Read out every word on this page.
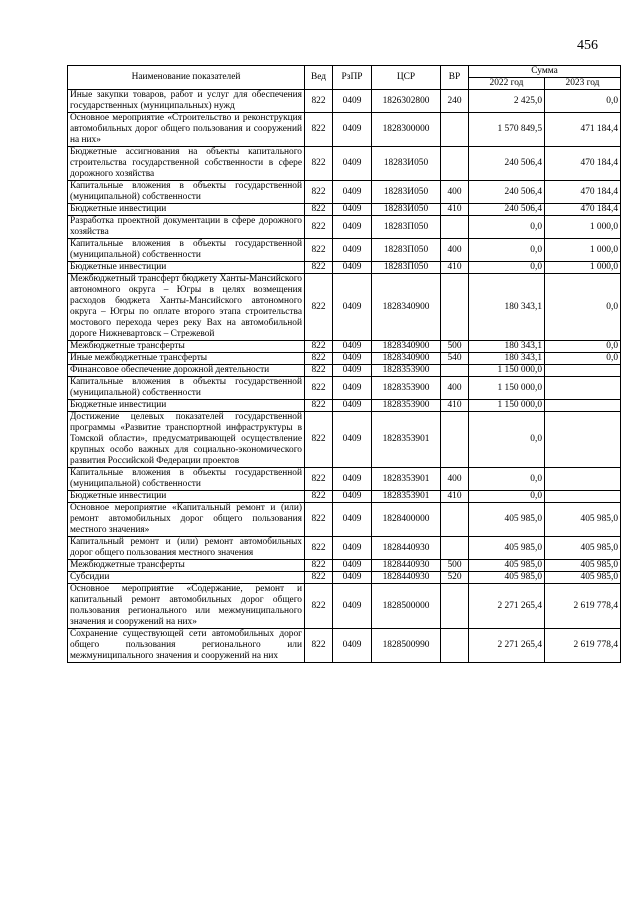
456
Наименование показателей	Вед	РзПР	ЦСР	ВР	Сумма	
					2022 год	2023 год
Иные закупки товаров, работ и услуг для обеспечения государственных (муниципальных) нужд	822	0409	1826302800	240	2 425,0	0,0
Основное мероприятие «Строительство и реконструкция автомобильных дорог общего пользования и сооружений на них»	822	0409	1828300000		1 570 849,5	471 184,4
Бюджетные ассигнования на объекты капитального строительства государственной собственности в сфере дорожного хозяйства	822	0409	18283И050		240 506,4	470 184,4
Капитальные вложения в объекты государственной (муниципальной) собственности	822	0409	18283И050	400	240 506,4	470 184,4
Бюджетные инвестиции	822	0409	18283И050	410	240 506,4	470 184,4
Разработка проектной документации в сфере дорожного хозяйства	822	0409	18283П050		0,0	1 000,0
Капитальные вложения в объекты государственной (муниципальной) собственности	822	0409	18283П050	400	0,0	1 000,0
Бюджетные инвестиции	822	0409	18283П050	410	0,0	1 000,0
Межбюджетный трансферт бюджету Ханты-Мансийского автономного округа – Югры в целях возмещения расходов бюджета Ханты-Мансийского автономного округа – Югры по оплате второго этапа строительства мостового перехода через реку Вах на автомобильной дороге Нижневартовск – Стрежевой	822	0409	1828340900		180 343,1	0,0
Межбюджетные трансферты	822	0409	1828340900	500	180 343,1	0,0
Иные межбюджетные трансферты	822	0409	1828340900	540	180 343,1	0,0
Финансовое обеспечение дорожной деятельности	822	0409	1828353900		1 150 000,0	
Капитальные вложения в объекты государственной (муниципальной) собственности	822	0409	1828353900	400	1 150 000,0	
Бюджетные инвестиции	822	0409	1828353900	410	1 150 000,0	
Достижение целевых показателей государственной программы «Развитие транспортной инфраструктуры в Томской области», предусматривающей осуществление крупных особо важных для социально-экономического развития Российской Федерации проектов	822	0409	1828353901		0,0	
Капитальные вложения в объекты государственной (муниципальной) собственности	822	0409	1828353901	400	0,0	
Бюджетные инвестиции	822	0409	1828353901	410	0,0	
Основное мероприятие «Капитальный ремонт и (или) ремонт автомобильных дорог общего пользования местного значения»	822	0409	1828400000		405 985,0	405 985,0
Капитальный ремонт и (или) ремонт автомобильных дорог общего пользования местного значения	822	0409	1828440930		405 985,0	405 985,0
Межбюджетные трансферты	822	0409	1828440930	500	405 985,0	405 985,0
Субсидии	822	0409	1828440930	520	405 985,0	405 985,0
Основное мероприятие «Содержание, ремонт и капитальный ремонт автомобильных дорог общего пользования регионального или межмуниципального значения и сооружений на них»	822	0409	1828500000		2 271 265,4	2 619 778,4
Сохранение существующей сети автомобильных дорог общего пользования регионального или межмуниципального значения и сооружений на них	822	0409	1828500990		2 271 265,4	2 619 778,4
